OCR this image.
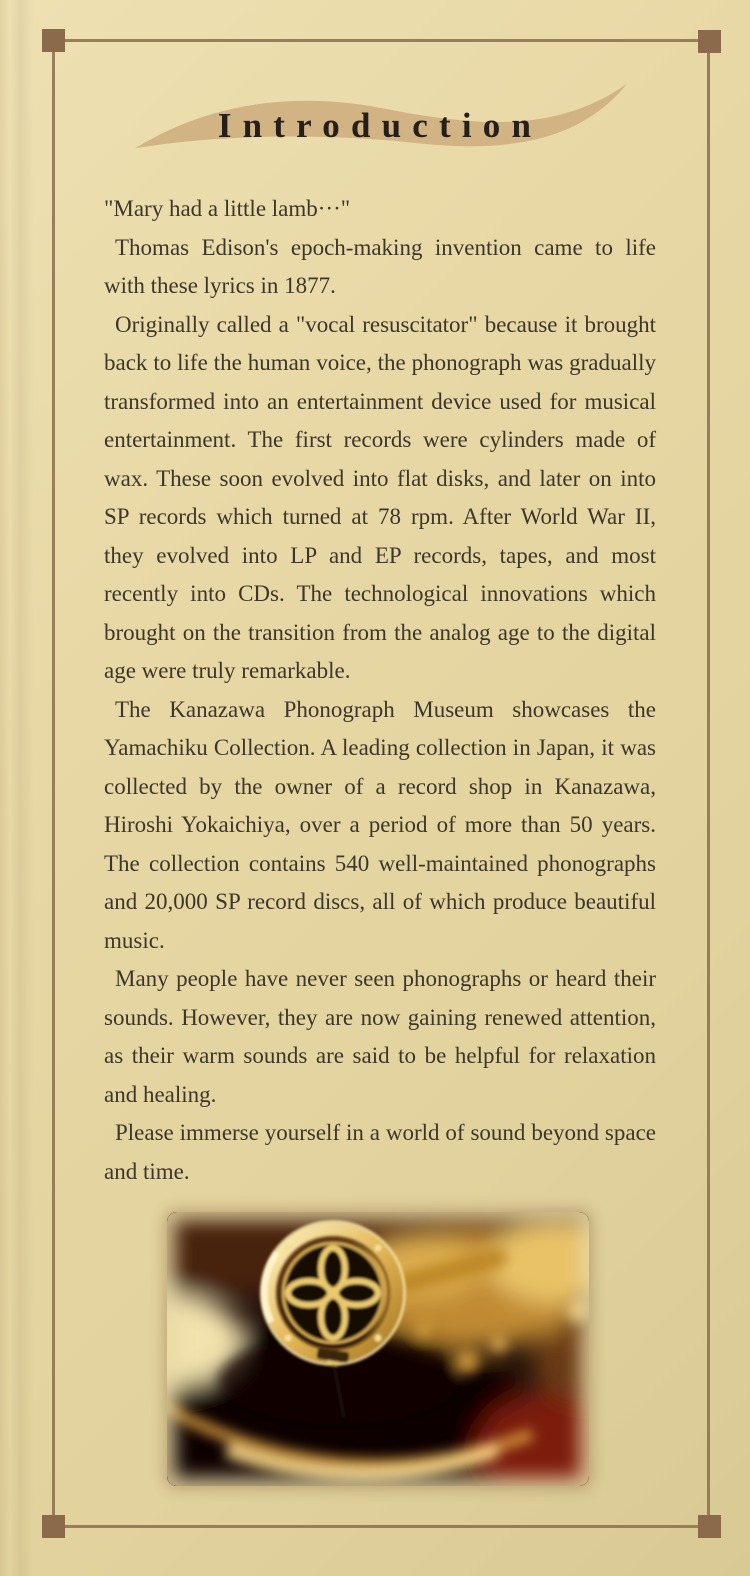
Introduction

"Mary had a little lamb···"

Thomas Edison's epoch-making invention came to life with these lyrics in 1877.

Originally called a "vocal resuscitator" because it brought back to life the human voice, the phonograph was gradually transformed into an entertainment device used for musical entertainment. The first records were cylinders made of wax. These soon evolved into flat disks, and later on into SP records which turned at 78 rpm. After World War II, they evolved into LP and EP records, tapes, and most recently into CDs. The technological innovations which brought on the transition from the analog age to the digital age were truly remarkable.

The Kanazawa Phonograph Museum showcases the Yamachiku Collection. A leading collection in Japan, it was collected by the owner of a record shop in Kanazawa, Hiroshi Yokaichiya, over a period of more than 50 years. The collection contains 540 well-maintained phonographs and 20,000 SP record discs, all of which produce beautiful music.

Many people have never seen phonographs or heard their sounds. However, they are now gaining renewed attention, as their warm sounds are said to be helpful for relaxation and healing.

Please immerse yourself in a world of sound beyond space and time.
